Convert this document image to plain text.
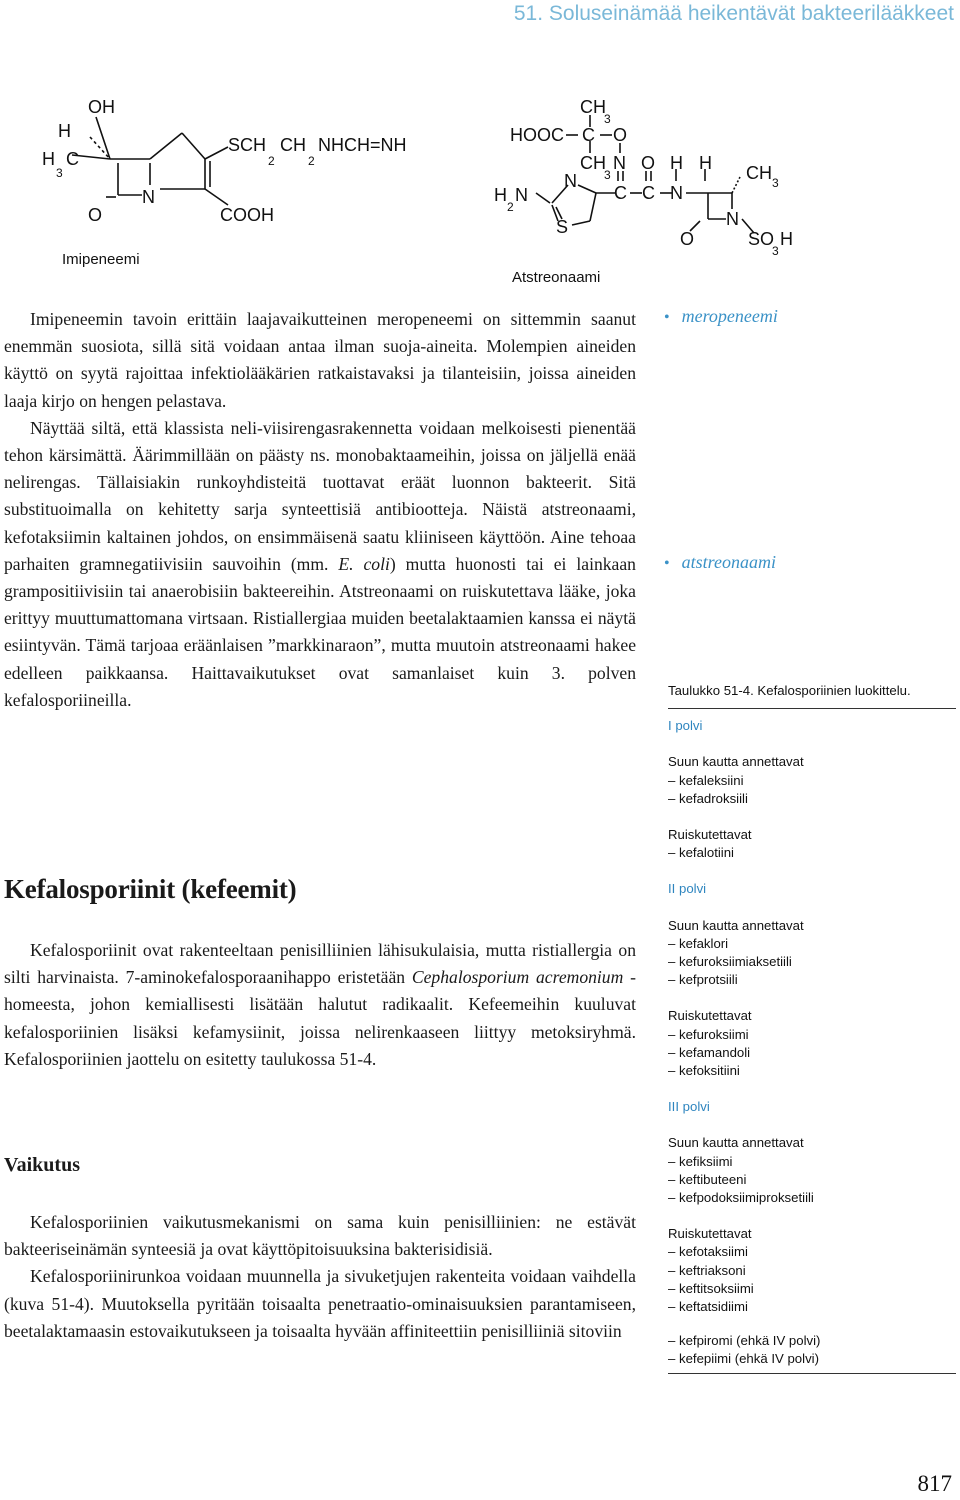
51. Soluseinämää heikentävät bakteerilääkkeet
OH
H
H
3
C
O
N
COOH
SCH
2
CH
2
NHCH=NH
Imipeneemi
CH
3
HOOC C O
CH
3
N O H H CH 3
H
2
N
N
S
C C N
N
O	SO
3
H
Atstreonaami

Imipeneemin tavoin erittäin laajavaikutteinen meropeneemi on sittemmin saanut enemmän suosiota, sillä sitä voidaan antaa ilman suoja-aineita. Molempien aineiden käyttö on syytä rajoittaa infektiolääkärien ratkaistavaksi ja tilanteisiin, joissa aineiden laaja kirjo on hengen pelastava.

Näyttää siltä, että klassista neli-viisirengasrakennetta voidaan melkoisesti pienentää tehon kärsimättä. Äärimmillään on päästy ns. monobaktaameihin, joissa on jäljellä enää nelirengas. Tällaisiakin runkoyhdisteitä tuottavat eräät luonnon bakteerit. Sitä substituoimalla on kehitetty sarja synteettisiä antibiootteja. Näistä atstreonaami, kefotaksiimin kaltainen johdos, on ensimmäisenä saatu kliiniseen käyttöön. Aine tehoaa parhaiten gramnegatiivisiin sauvoihin (mm. E. coli) mutta huonosti tai ei lainkaan grampositiivisiin tai anaerobisiin bakteereihin. Atstreonaami on ruiskutettava lääke, joka erittyy muuttumattomana virtsaan. Ristiallergiaa muiden beetalaktaamien kanssa ei näytä esiintyvän. Tämä tarjoaa eräänlaisen ”markkinaraon”, mutta muutoin atstreonaami hakee edelleen paikkaansa. Haittavaikutukset ovat samanlaiset kuin 3. polven kefalosporiineilla.

Kefalosporiinit (kefeemit)

Kefalosporiinit ovat rakenteeltaan penisilliinien lähisukulaisia, mutta ristiallergia on silti harvinaista. 7-aminokefalosporaanihappo eristetään Cephalosporium acremonium -homeesta, johon kemiallisesti lisätään halutut radikaalit. Kefeemeihin kuuluvat kefalosporiinien lisäksi kefamysiinit, joissa nelirenkaaseen liittyy metoksiryhmä. Kefalosporiinien jaottelu on esitetty taulukossa 51-4.

Vaikutus

Kefalosporiinien vaikutusmekanismi on sama kuin penisilliinien: ne estävät bakteeriseinämän synteesiä ja ovat käyttöpitoisuuksina bakterisidisiä.

Kefalosporiinirunkoa voidaan muunnella ja sivuketjujen rakenteita voidaan vaihdella (kuva 51-4). Muutoksella pyritään toisaalta penetraatio-ominaisuuksien parantamiseen, beetalaktamaasin estovaikutukseen ja toisaalta hyvään affiniteettiin penisilliiniä sitoviin

• meropeneemi
• atstreonaami
Taulukko 51-4. Kefalosporiinien luokittelu.
I polvi
Suun kautta annettavat
– kefaleksiini
– kefadroksiili
Ruiskutettavat
– kefalotiini
II polvi
Suun kautta annettavat
– kefaklori
– kefuroksiimiaksetiili
– kefprotsiili
Ruiskutettavat
– kefuroksiimi
– kefamandoli
– kefoksitiini
III polvi
Suun kautta annettavat
– kefiksiimi
– keftibuteeni
– kefpodoksiimiproksetiili
Ruiskutettavat
– kefotaksiimi
– keftriaksoni
– keftitsoksiimi
– keftatsidiimi
– kefpiromi (ehkä IV polvi)
– kefepiimi (ehkä IV polvi)
817
